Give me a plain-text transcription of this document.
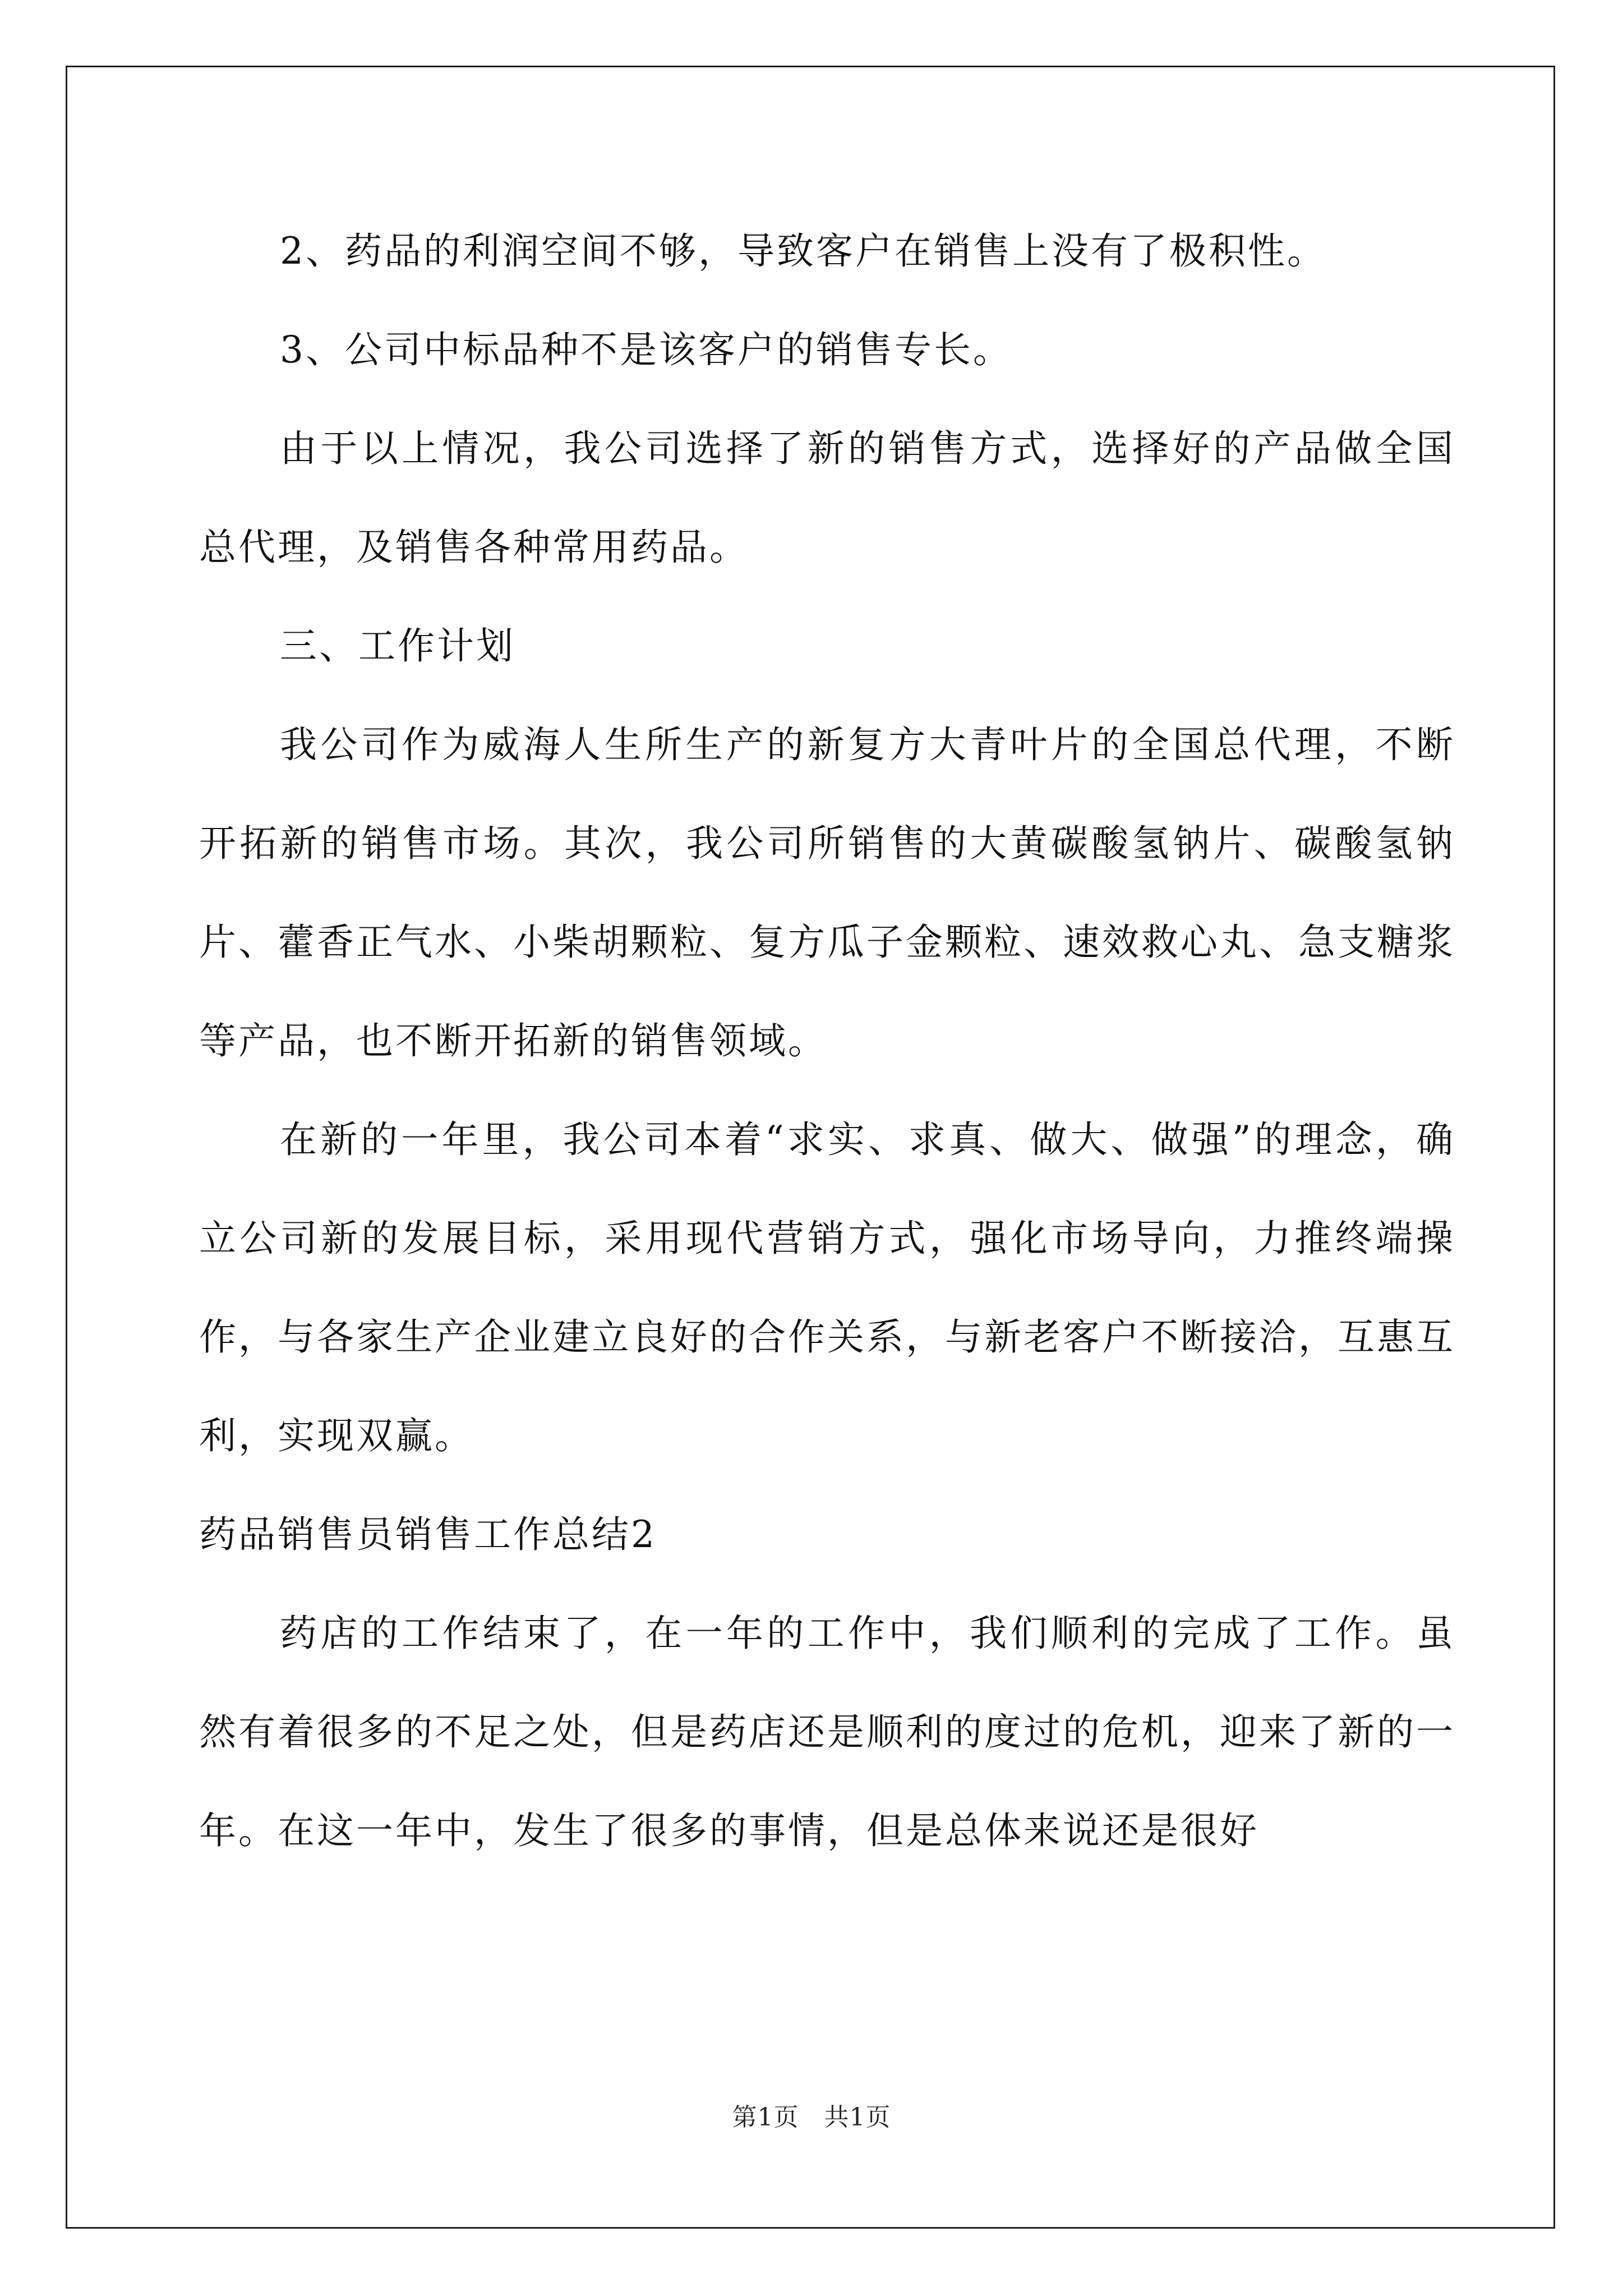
2、药品的利润空间不够，导致客户在销售上没有了极积性。

3、公司中标品种不是该客户的销售专长。

由于以上情况，我公司选择了新的销售方式，选择好的产品做全国总代理，及销售各种常用药品。

三、工作计划

我公司作为威海人生所生产的新复方大青叶片的全国总代理，不断开拓新的销售市场。其次，我公司所销售的大黄碳酸氢钠片、碳酸氢钠片、藿香正气水、小柴胡颗粒、复方瓜子金颗粒、速效救心丸、急支糖浆等产品，也不断开拓新的销售领域。

在新的一年里，我公司本着“求实、求真、做大、做强”的理念，确立公司新的发展目标，采用现代营销方式，强化市场导向，力推终端操作，与各家生产企业建立良好的合作关系，与新老客户不断接洽，互惠互利，实现双赢。

药品销售员销售工作总结2

药店的工作结束了，在一年的工作中，我们顺利的完成了工作。虽然有着很多的不足之处，但是药店还是顺利的度过的危机，迎来了新的一年。在这一年中，发生了很多的事情，但是总体来说还是很好

第1页 共1页
